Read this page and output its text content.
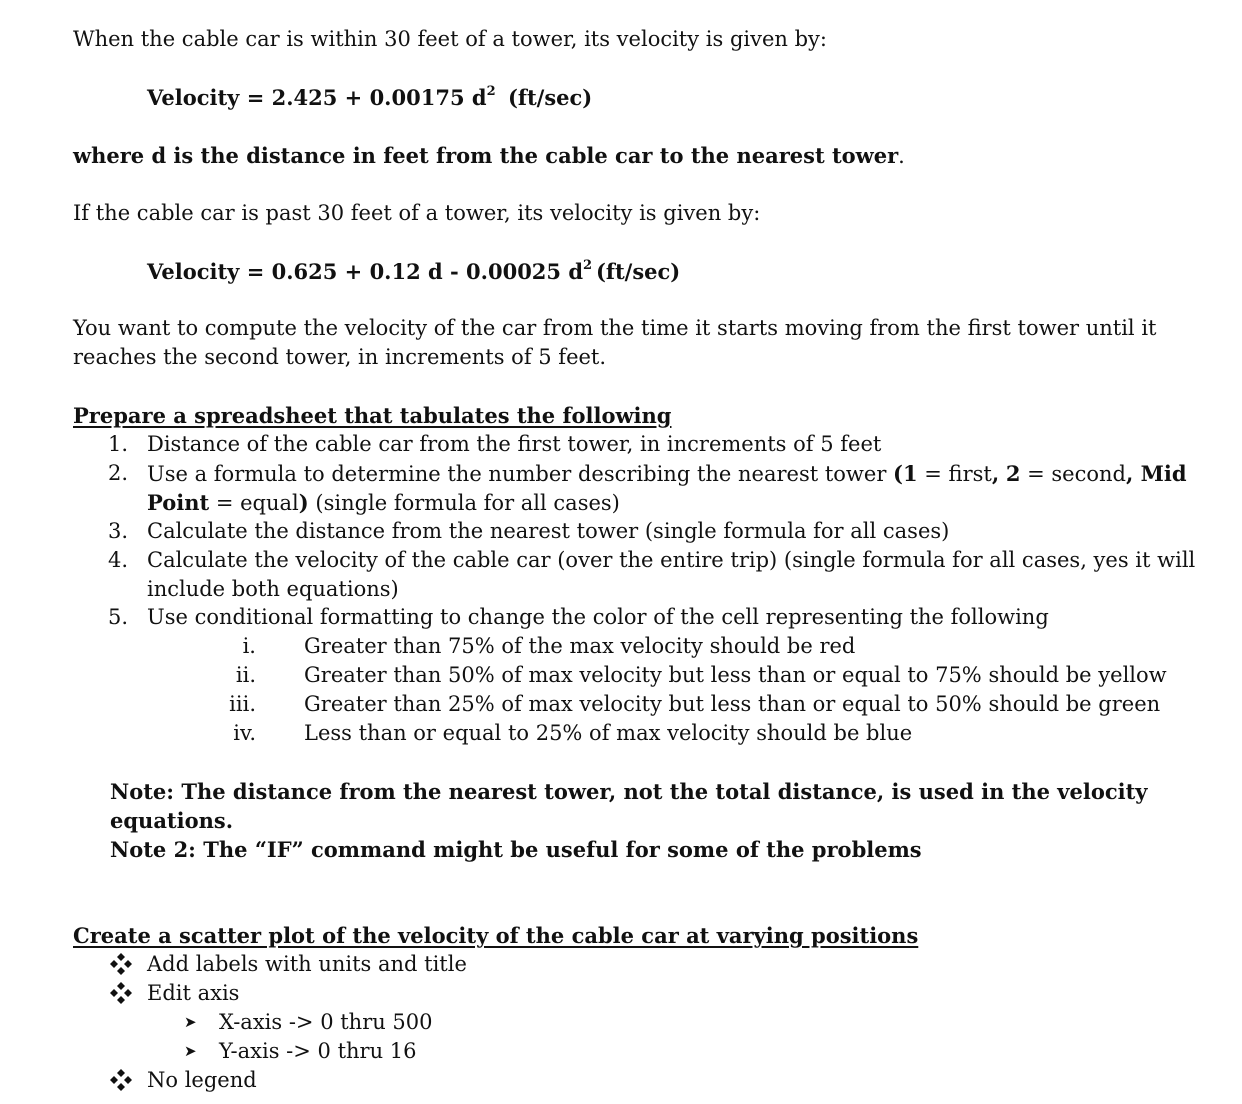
When the cable car is within 30 feet of a tower, its velocity is given by:
Velocity = 2.425 + 0.00175 $d^2$ (ft/sec)
where d is the distance in feet from the cable car to the nearest tower.
If the cable car is past 30 feet of a tower, its velocity is given by:
Velocity = 0.625 + 0.12 d - 0.00025 $d^2$ (ft/sec)
You want to compute the velocity of the car from the time it starts moving from the first tower until it
reaches the second tower, in increments of 5 feet.
Prepare a spreadsheet that tabulates the following
1. Distance of the cable car from the first tower, in increments of 5 feet
2. Use a formula to determine the number describing the nearest tower (1 = first, 2 = second, Mid
Point = equal) (single formula for all cases)
3. Calculate the distance from the nearest tower (single formula for all cases)
4. Calculate the velocity of the cable car (over the entire trip) (single formula for all cases, yes it will
include both equations)
5. Use conditional formatting to change the color of the cell representing the following
i. Greater than 75% of the max velocity should be red
ii. Greater than 50% of max velocity but less than or equal to 75% should be yellow
iii. Greater than 25% of max velocity but less than or equal to 50% should be green
iv. Less than or equal to 25% of max velocity should be blue
Note: The distance from the nearest tower, not the total distance, is used in the velocity
equations.
Note 2: The “IF” command might be useful for some of the problems
Create a scatter plot of the velocity of the cable car at varying positions
Add labels with units and title
Edit axis
➤ X-axis -> 0 thru 500
➤ Y-axis -> 0 thru 16
No legend
